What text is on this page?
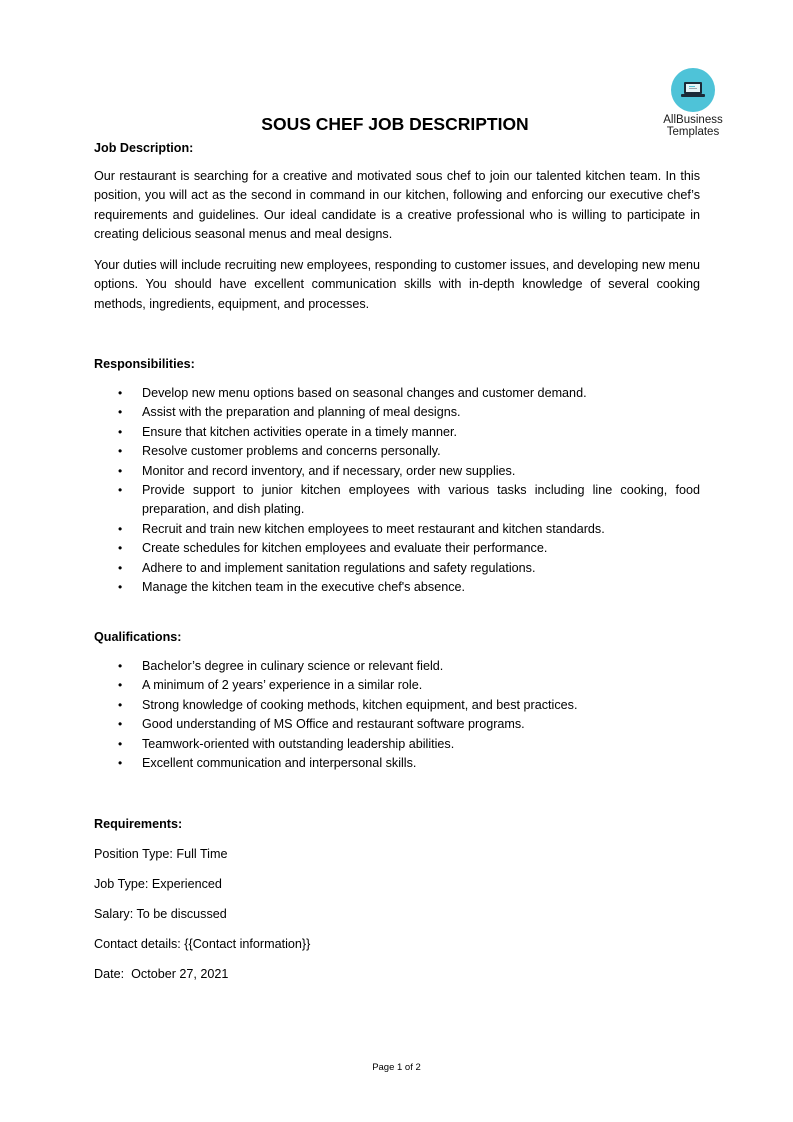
AllBusiness
Templates
SOUS CHEF JOB DESCRIPTION
Job Description:
Our restaurant is searching for a creative and motivated sous chef to join our talented kitchen team. In this position, you will act as the second in command in our kitchen, following and enforcing our executive chef’s requirements and guidelines. Our ideal candidate is a creative professional who is willing to participate in creating delicious seasonal menus and meal designs.
Your duties will include recruiting new employees, responding to customer issues, and developing new menu options. You should have excellent communication skills with in-depth knowledge of several cooking methods, ingredients, equipment, and processes.
Responsibilities:
• Develop new menu options based on seasonal changes and customer demand.
• Assist with the preparation and planning of meal designs.
• Ensure that kitchen activities operate in a timely manner.
• Resolve customer problems and concerns personally.
• Monitor and record inventory, and if necessary, order new supplies.
• Provide support to junior kitchen employees with various tasks including line cooking, food preparation, and dish plating.
• Recruit and train new kitchen employees to meet restaurant and kitchen standards.
• Create schedules for kitchen employees and evaluate their performance.
• Adhere to and implement sanitation regulations and safety regulations.
• Manage the kitchen team in the executive chef's absence.
Qualifications:
• Bachelor’s degree in culinary science or relevant field.
• A minimum of 2 years’ experience in a similar role.
• Strong knowledge of cooking methods, kitchen equipment, and best practices.
• Good understanding of MS Office and restaurant software programs.
• Teamwork-oriented with outstanding leadership abilities.
• Excellent communication and interpersonal skills.
Requirements:
Position Type: Full Time
Job Type: Experienced
Salary: To be discussed
Contact details: {{Contact information}}
Date:  October 27, 2021
Page 1 of 2
